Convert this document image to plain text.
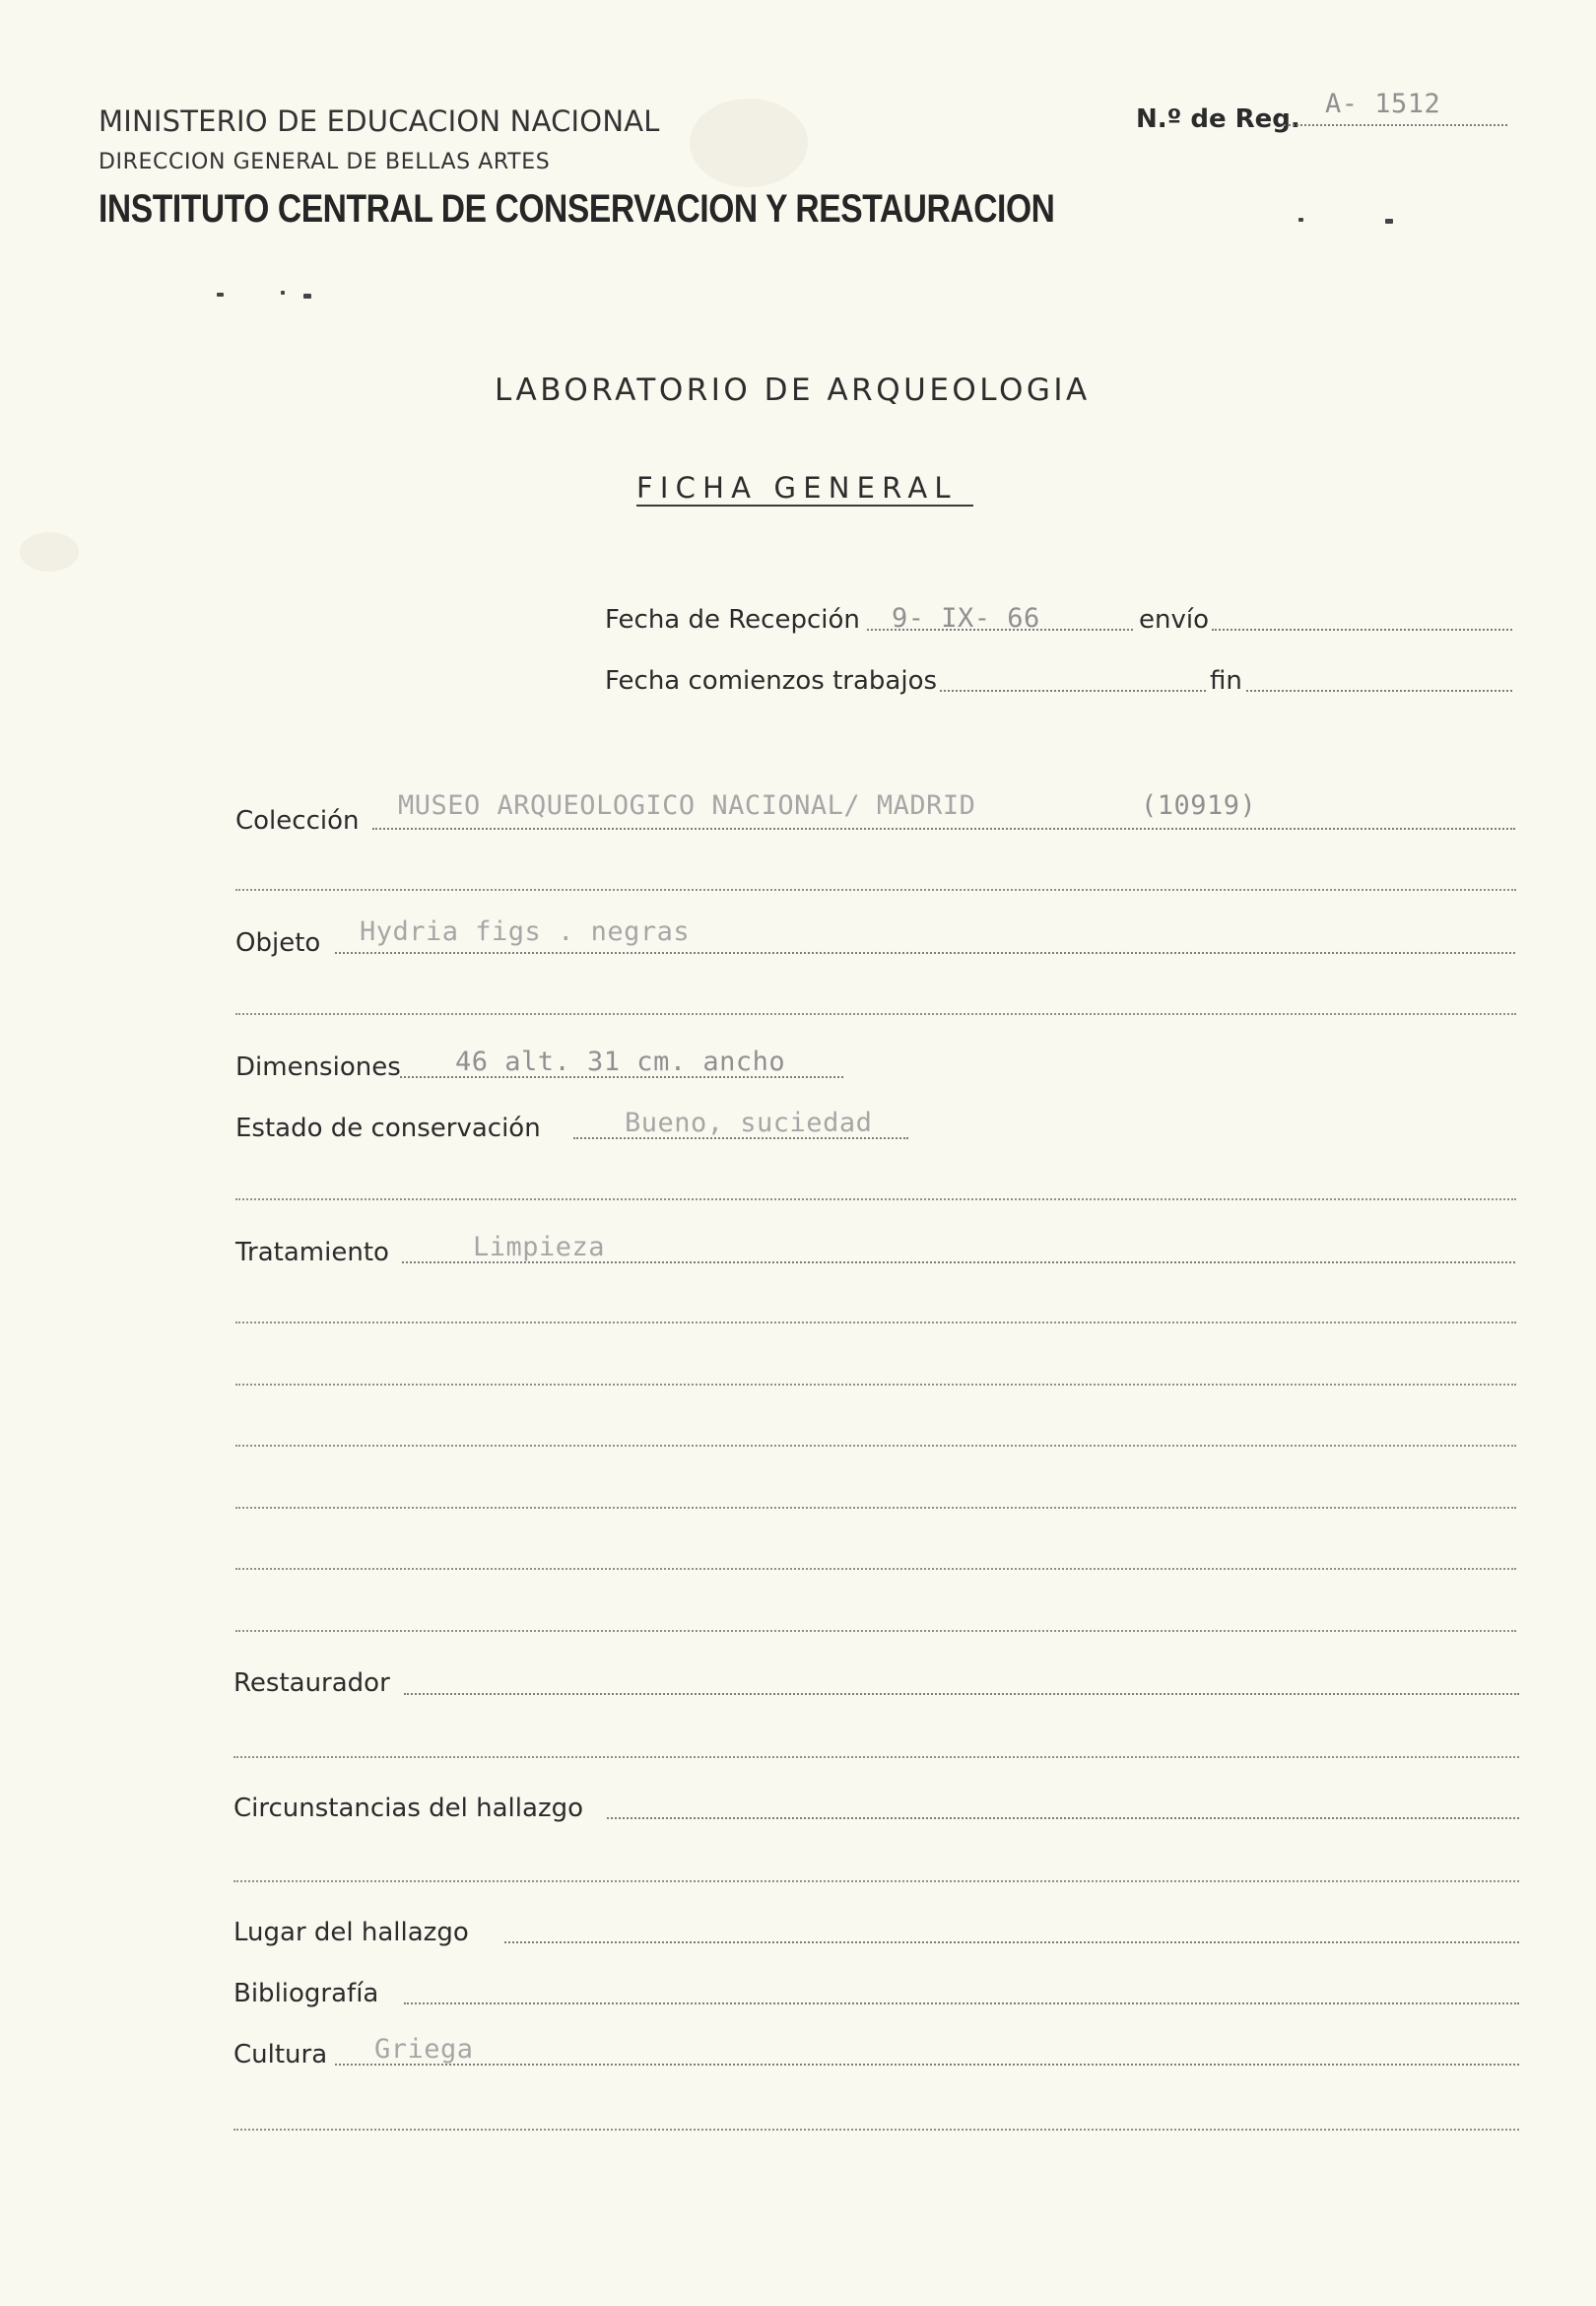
MINISTERIO DE EDUCACION NACIONAL
DIRECCION GENERAL DE BELLAS ARTES
INSTITUTO CENTRAL DE CONSERVACION Y RESTAURACION
N.º de Reg. A- 1512
LABORATORIO DE ARQUEOLOGIA
FICHA GENERAL
Fecha de Recepción 9- IX- 66	envío
Fecha comienzos trabajos	fin
Colección MUSEO ARQUEOLOGICO NACIONAL/ MADRID	(10919)
Objeto Hydria figs . negras
Dimensiones 46 alt. 31 cm. ancho
Estado de conservación	Bueno, suciedad
Tratamiento	Limpieza
Restaurador
Circunstancias del hallazgo
Lugar del hallazgo
Bibliografía
Cultura Griega
